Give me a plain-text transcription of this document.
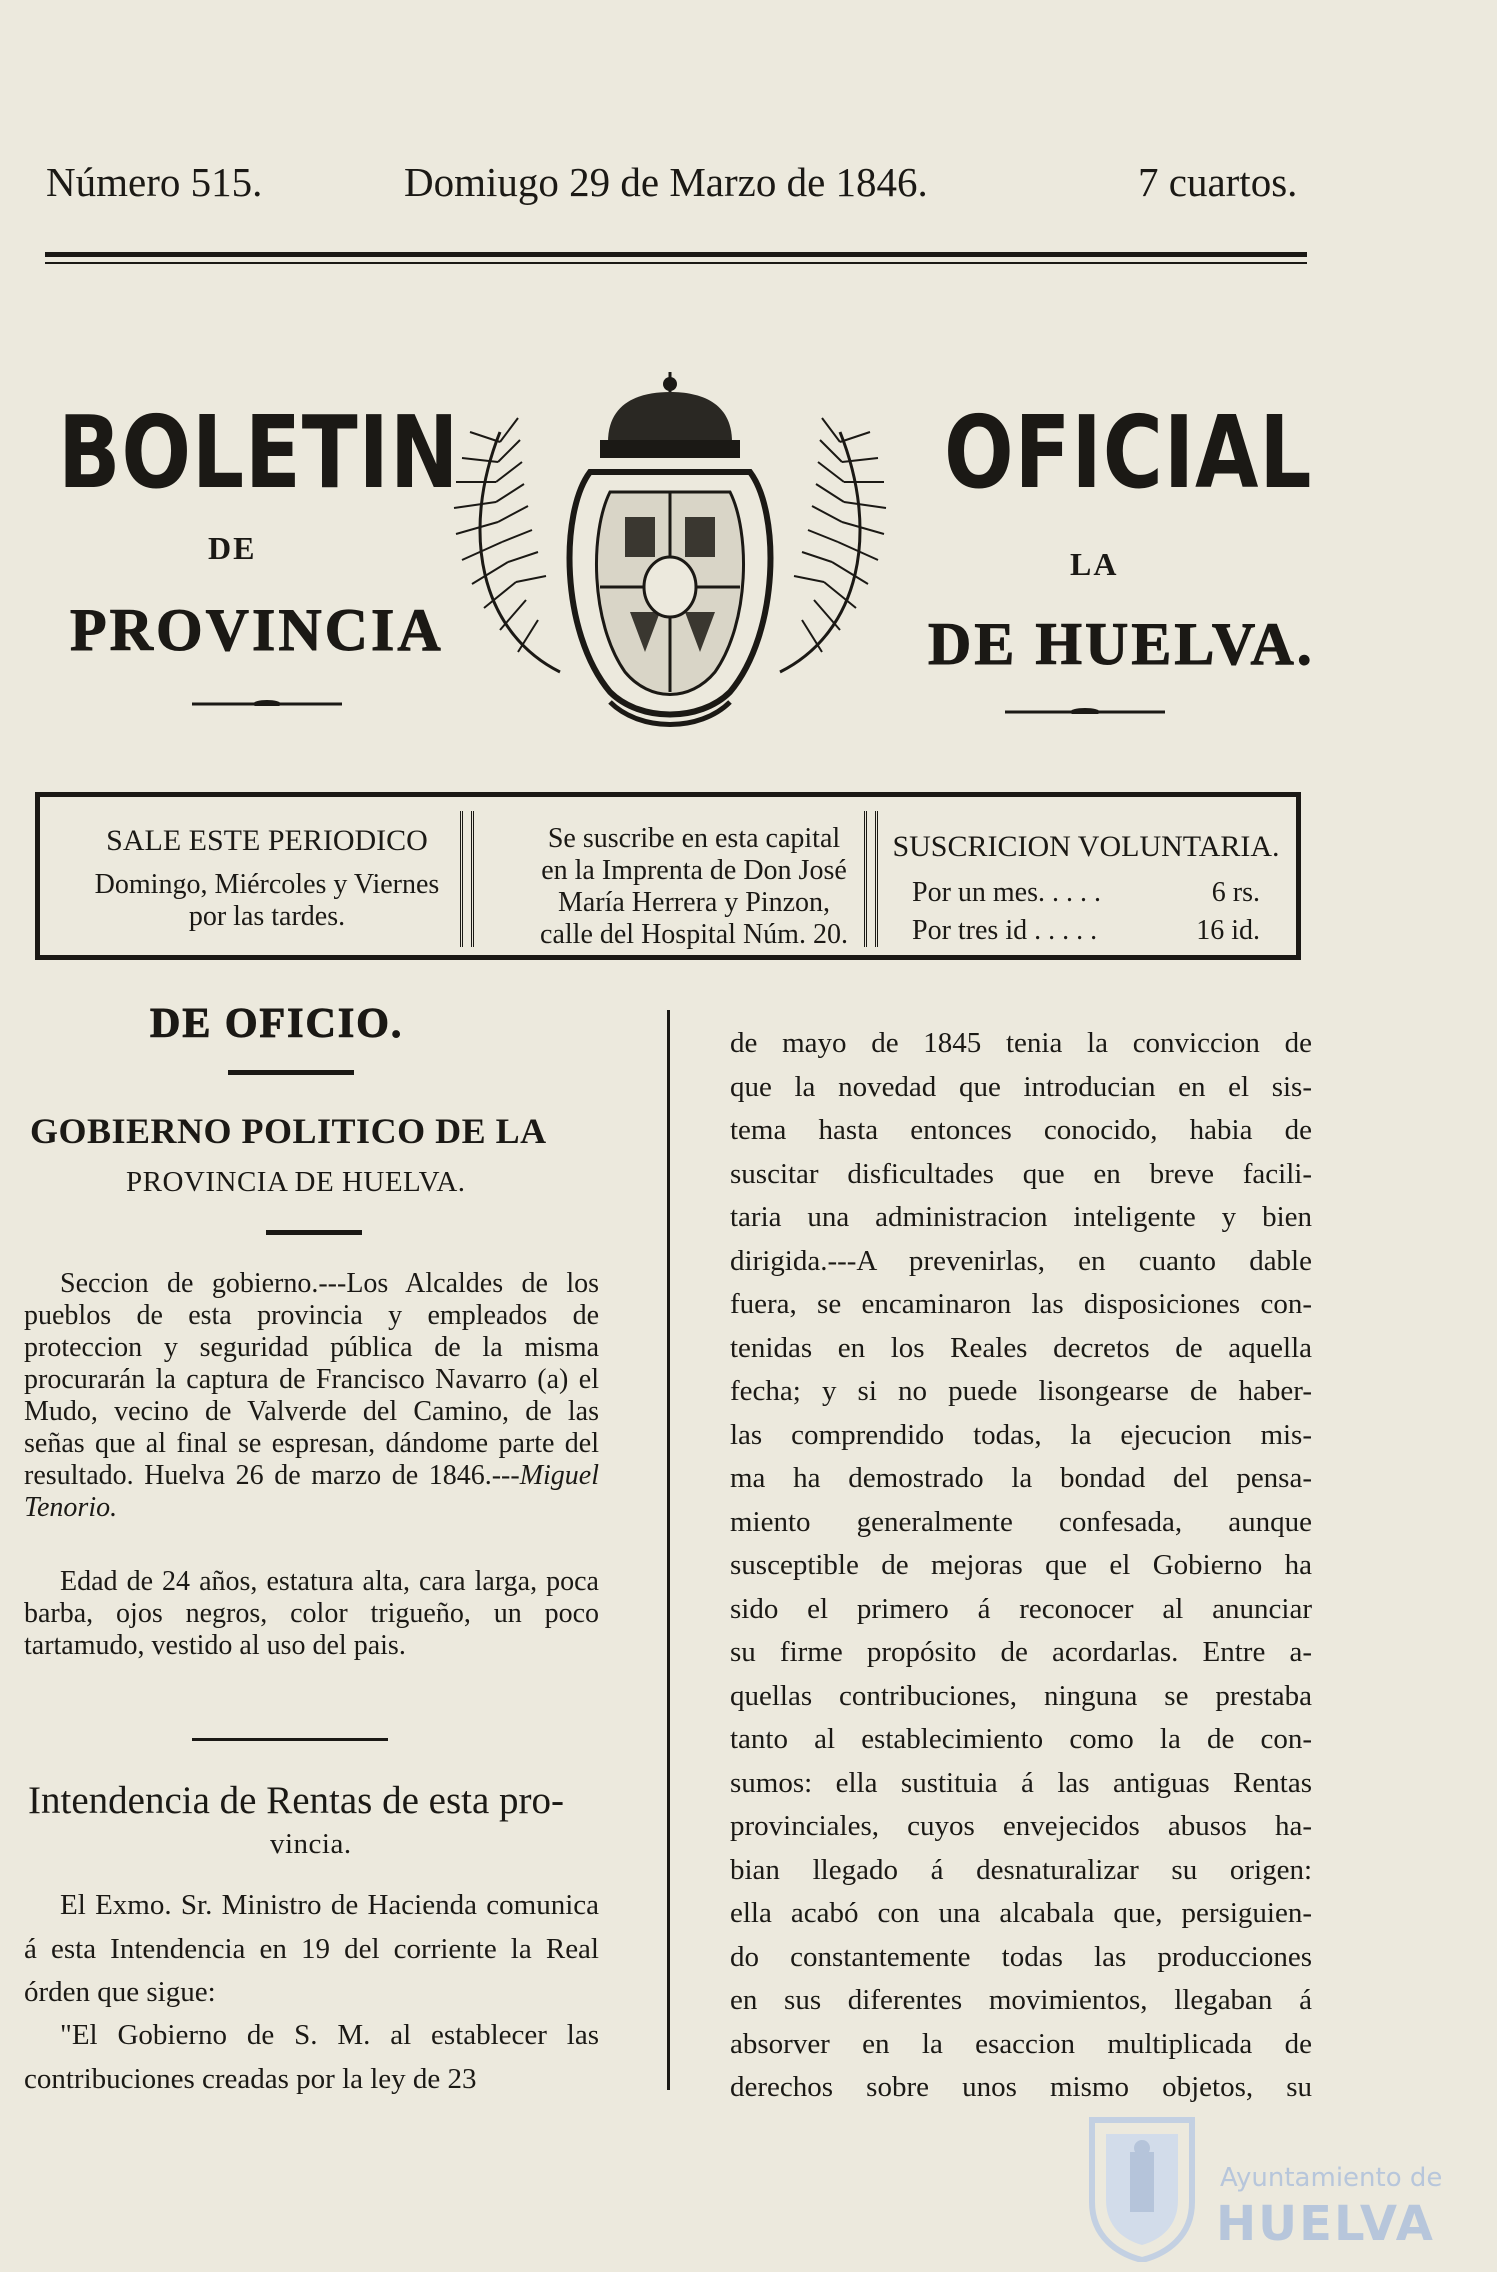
Número 515.	Domiugo 29 de Marzo de 1846.	7 cuartos.
BOLETIN
DE
PROVINCIA
OFICIAL
LA
DE HUELVA.
SALE ESTE PERIODICO
Domingo, Miércoles y Viernes
por las tardes.
Se suscribe en esta capital
en la Imprenta de Don José
María Herrera y Pinzon,
calle del Hospital Núm. 20.
SUSCRICION VOLUNTARIA.
Por un mes. . . . .	6 rs.
Por tres id . . . . .	16 id.
DE OFICIO.
GOBIERNO POLITICO DE LA
PROVINCIA DE HUELVA.
Seccion de gobierno.---Los Alcaldes de los pueblos de esta provincia y empleados de proteccion y seguridad pública de la misma procurarán la captura de Francisco Navarro (a) el Mudo, vecino de Valverde del Camino, de las señas que al final se espresan, dándome parte del resultado. Huelva 26 de marzo de 1846.---Miguel Tenorio.
Edad de 24 años, estatura alta, cara larga, poca barba, ojos negros, color trigueño, un poco tartamudo, vestido al uso del pais.
Intendencia de Rentas de esta pro-
vincia.
El Exmo. Sr. Ministro de Hacienda comunica á esta Intendencia en 19 del corriente la Real órden que sigue:
"El Gobierno de S. M. al establecer las contribuciones creadas por la ley de 23
de mayo de 1845 tenia la conviccion de
que la novedad que introducian en el sis-
tema hasta entonces conocido, habia de
suscitar disficultades que en breve facili-
taria una administracion inteligente y bien
dirigida.---A prevenirlas, en cuanto dable
fuera, se encaminaron las disposiciones con-
tenidas en los Reales decretos de aquella
fecha; y si no puede lisongearse de haber-
las comprendido todas, la ejecucion mis-
ma ha demostrado la bondad del pensa-
miento generalmente confesada, aunque
susceptible de mejoras que el Gobierno ha
sido el primero á reconocer al anunciar
su firme propósito de acordarlas. Entre a-
quellas contribuciones, ninguna se prestaba
tanto al establecimiento como la de con-
sumos: ella sustituia á las antiguas Rentas
provinciales, cuyos envejecidos abusos ha-
bian llegado á desnaturalizar su origen:
ella acabó con una alcabala que, persiguien-
do constantemente todas las producciones
en sus diferentes movimientos, llegaban á
absorver en la esaccion multiplicada de
derechos sobre unos mismo objetos, su
Ayuntamiento de
HUELVA
